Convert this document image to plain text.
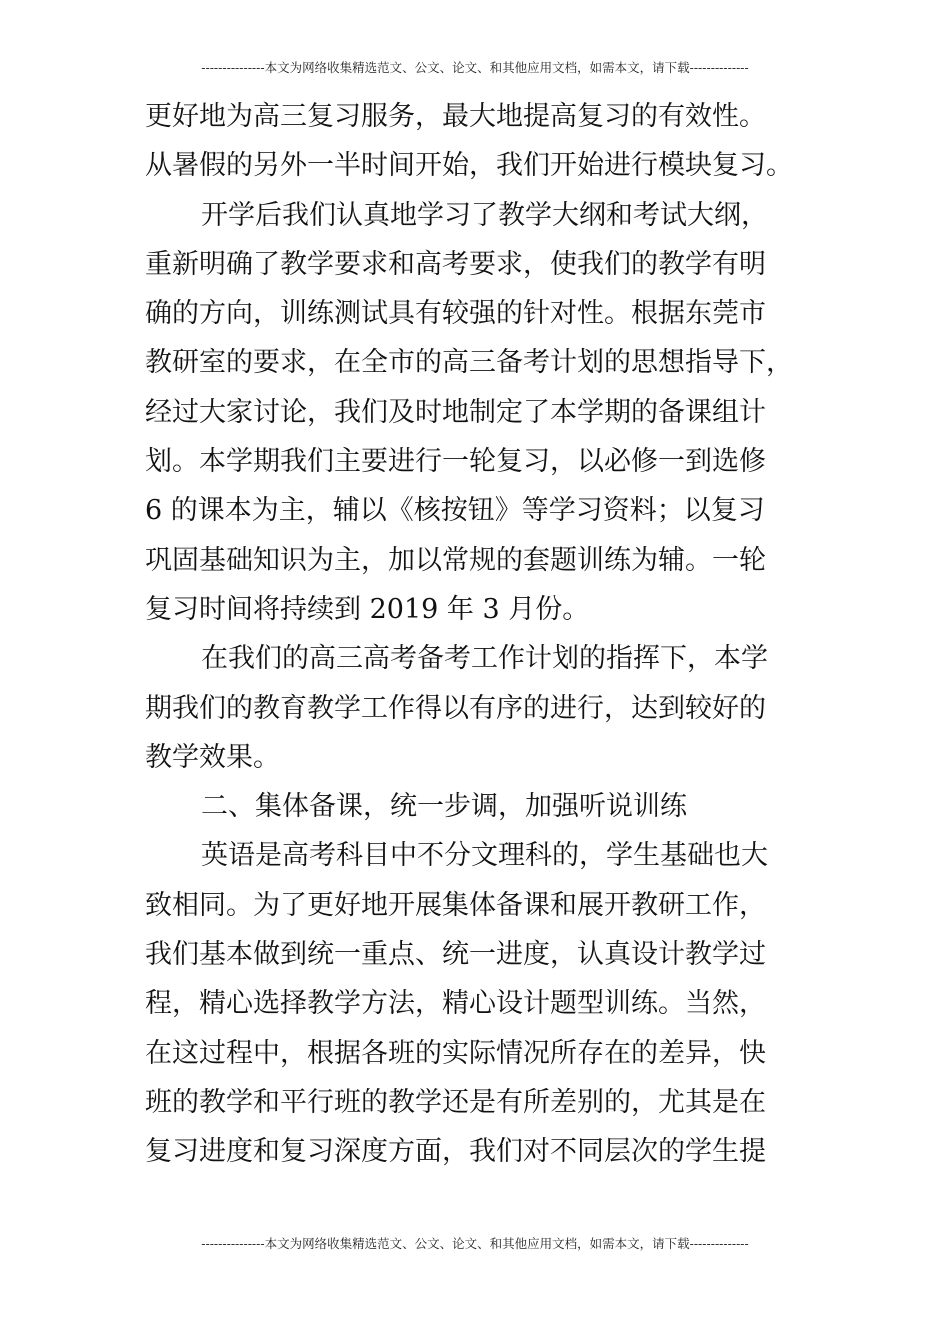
---------------本文为网络收集精选范文、公文、论文、和其他应用文档，如需本文，请下载--------------
更好地为高三复习服务，最大地提高复习的有效性。
从暑假的另外一半时间开始，我们开始进行模块复习。
开学后我们认真地学习了教学大纲和考试大纲，
重新明确了教学要求和高考要求，使我们的教学有明
确的方向，训练测试具有较强的针对性。根据东莞市
教研室的要求，在全市的高三备考计划的思想指导下，
经过大家讨论，我们及时地制定了本学期的备课组计
划。本学期我们主要进行一轮复习，以必修一到选修
6 的课本为主，辅以《核按钮》等学习资料；以复习
巩固基础知识为主，加以常规的套题训练为辅。一轮
复习时间将持续到 2019 年 3 月份。
在我们的高三高考备考工作计划的指挥下，本学
期我们的教育教学工作得以有序的进行，达到较好的
教学效果。
二、集体备课，统一步调，加强听说训练
英语是高考科目中不分文理科的，学生基础也大
致相同。为了更好地开展集体备课和展开教研工作，
我们基本做到统一重点、统一进度，认真设计教学过
程，精心选择教学方法，精心设计题型训练。当然，
在这过程中，根据各班的实际情况所存在的差异，快
班的教学和平行班的教学还是有所差别的，尤其是在
复习进度和复习深度方面，我们对不同层次的学生提
---------------本文为网络收集精选范文、公文、论文、和其他应用文档，如需本文，请下载--------------
